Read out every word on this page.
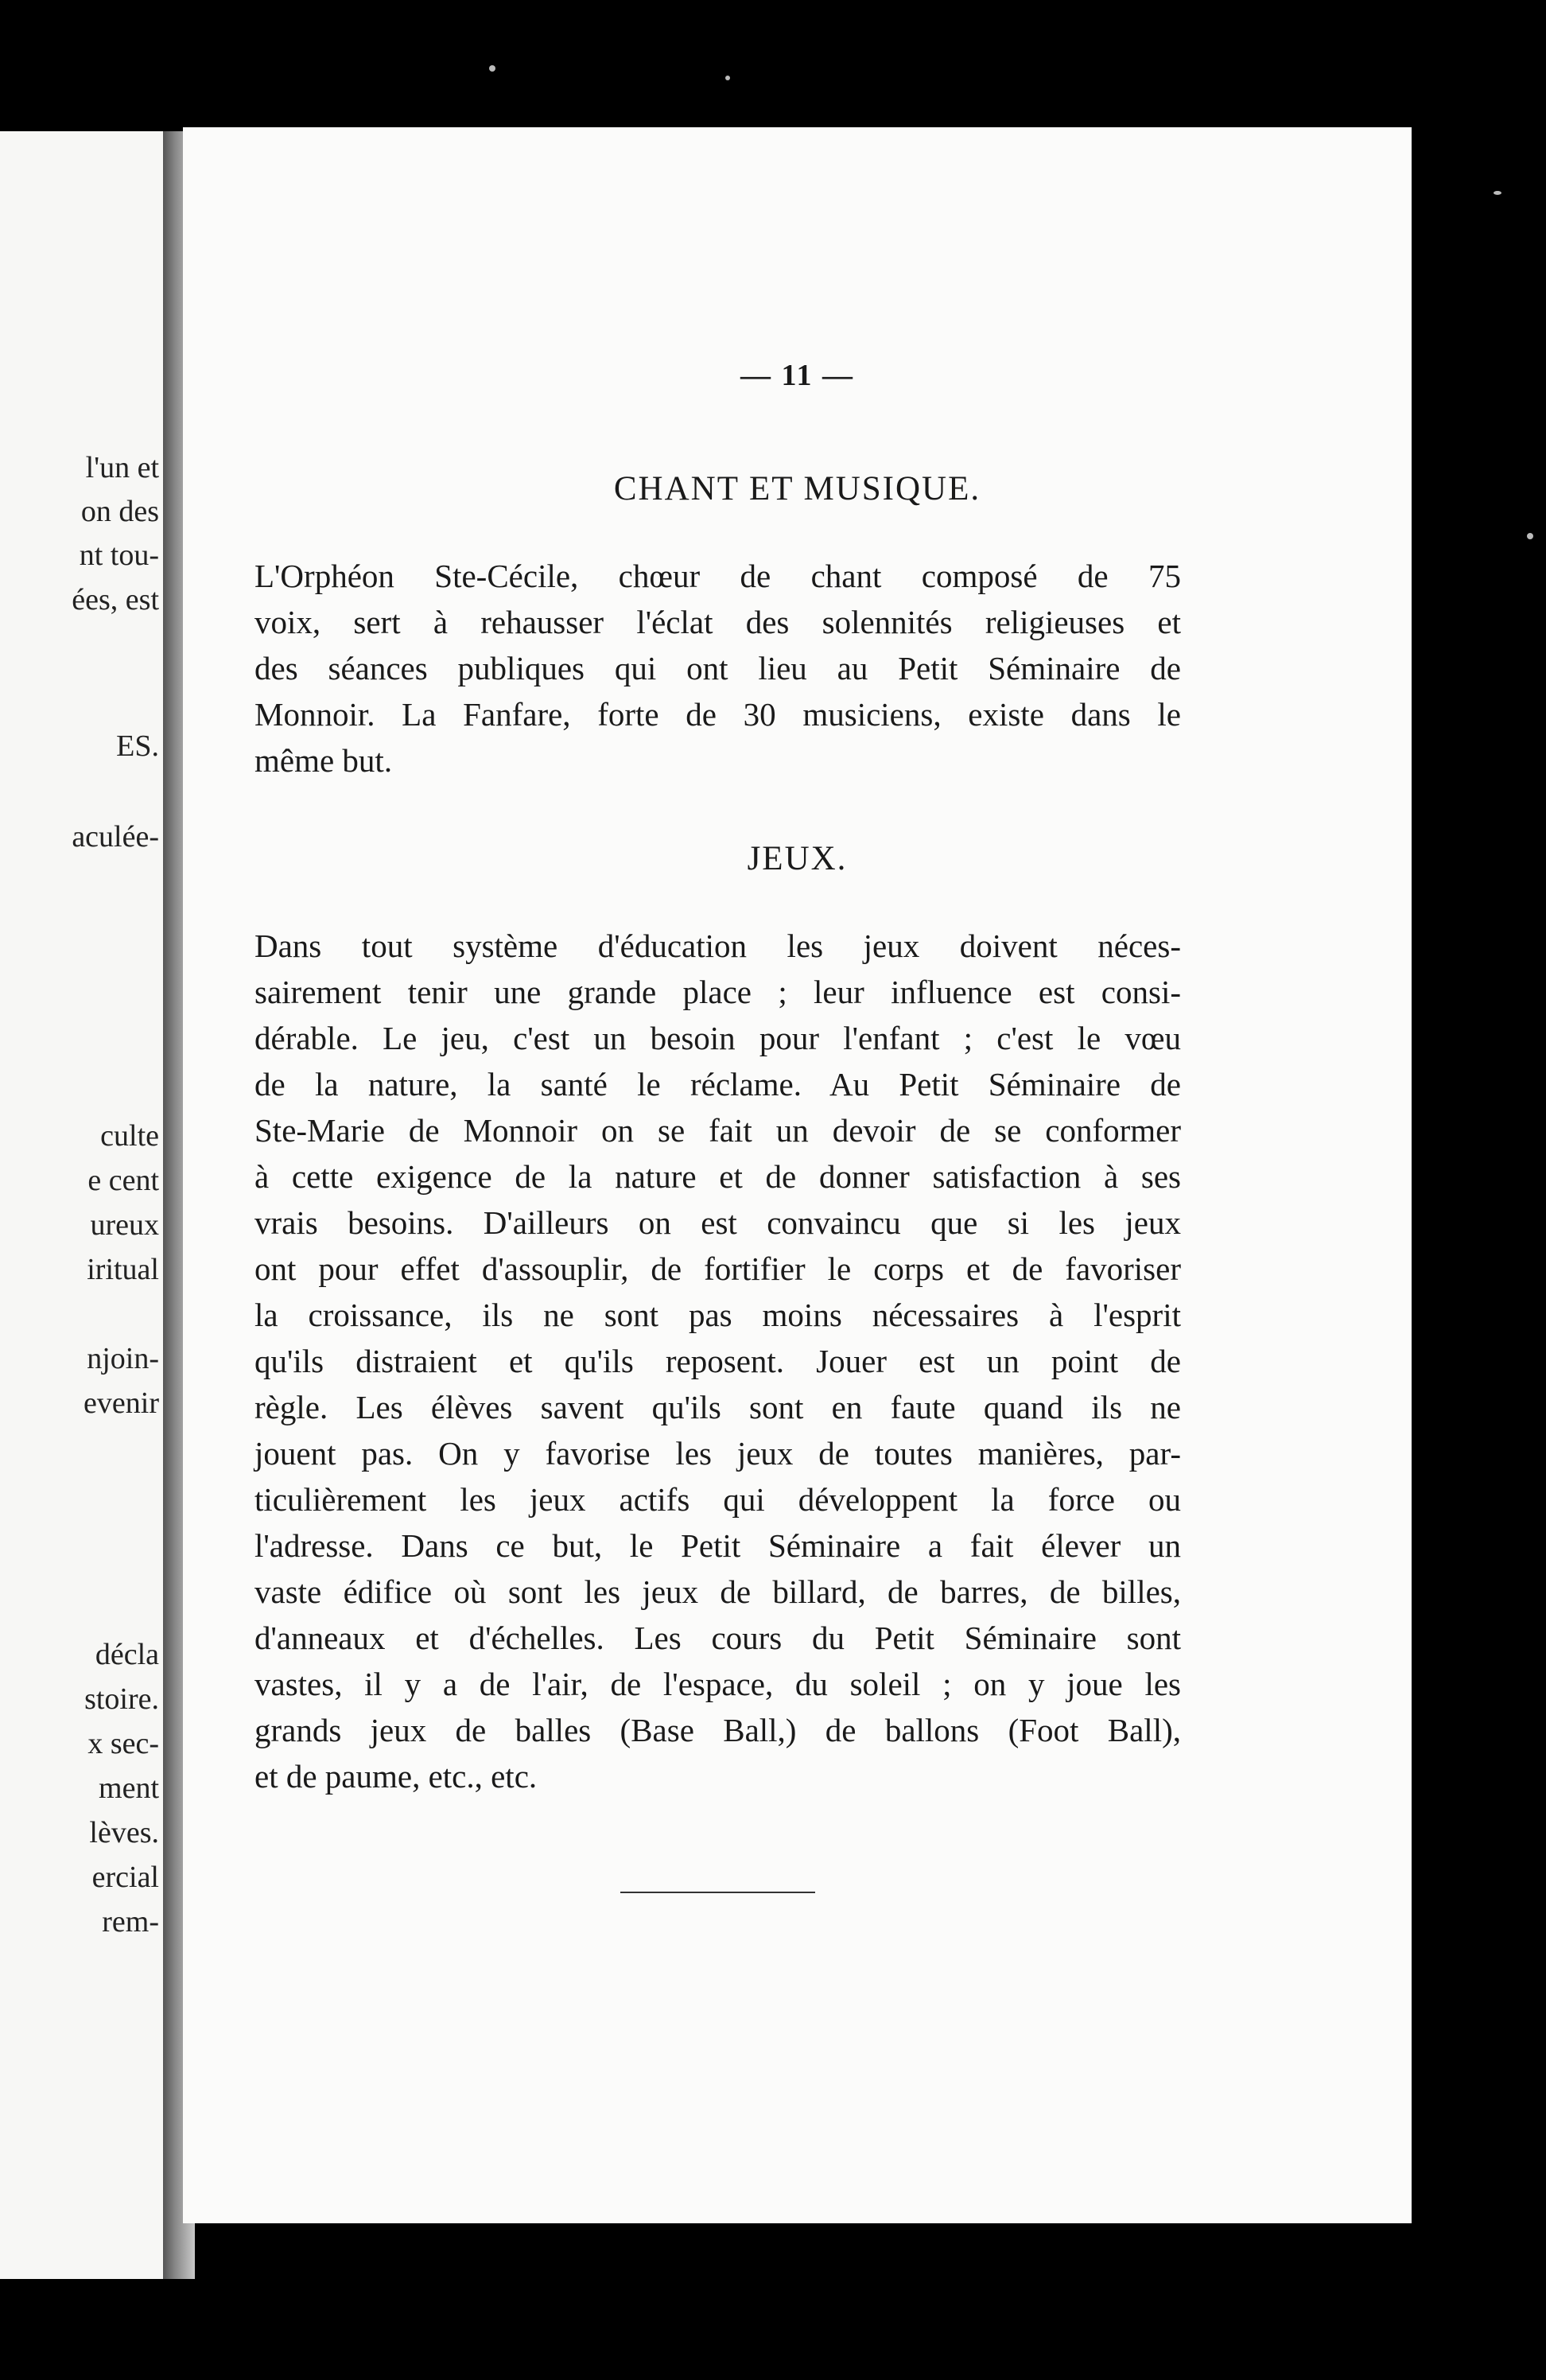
l'un et
on des
nt tou-
ées, est
ES.
aculée-
culte
e cent
ureux
iritual
njoin-
evenir
décla
stoire.
x sec-
ment
lèves.
ercial
rem-
— 11 —
CHANT ET MUSIQUE.
L'Orphéon Ste-Cécile, chœur de chant composé de 75
voix, sert à rehausser l'éclat des solennités religieuses et
des séances publiques qui ont lieu au Petit Séminaire de
Monnoir. La Fanfare, forte de 30 musiciens, existe dans le
même but.
JEUX.
Dans tout système d'éducation les jeux doivent néces-
sairement tenir une grande place ; leur influence est consi-
dérable. Le jeu, c'est un besoin pour l'enfant ; c'est le vœu
de la nature, la santé le réclame. Au Petit Séminaire de
Ste-Marie de Monnoir on se fait un devoir de se conformer
à cette exigence de la nature et de donner satisfaction à ses
vrais besoins. D'ailleurs on est convaincu que si les jeux
ont pour effet d'assouplir, de fortifier le corps et de favoriser
la croissance, ils ne sont pas moins nécessaires à l'esprit
qu'ils distraient et qu'ils reposent. Jouer est un point de
règle. Les élèves savent qu'ils sont en faute quand ils ne
jouent pas. On y favorise les jeux de toutes manières, par-
ticulièrement les jeux actifs qui développent la force ou
l'adresse. Dans ce but, le Petit Séminaire a fait élever un
vaste édifice où sont les jeux de billard, de barres, de billes,
d'anneaux et d'échelles. Les cours du Petit Séminaire sont
vastes, il y a de l'air, de l'espace, du soleil ; on y joue les
grands jeux de balles (Base Ball,) de ballons (Foot Ball),
et de paume, etc., etc.
